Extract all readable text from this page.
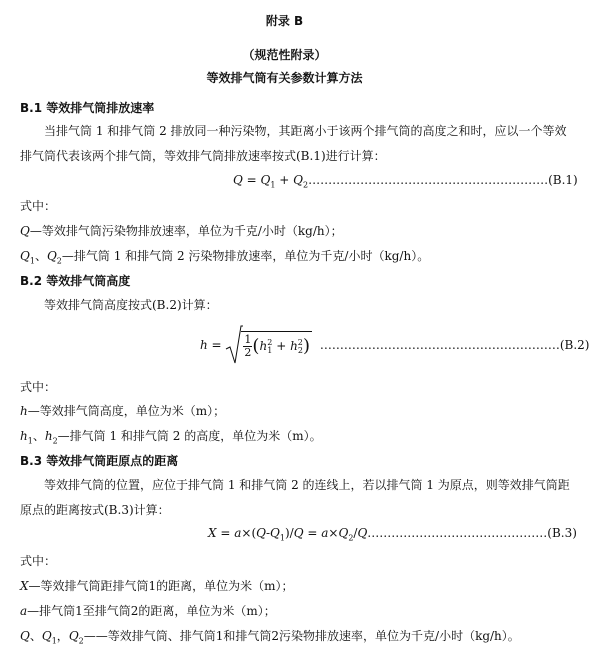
附录 B
（规范性附录）
等效排气筒有关参数计算方法
B.1 等效排气筒排放速率
当排气筒 1 和排气筒 2 排放同一种污染物，其距离小于该两个排气筒的高度之和时，应以一个等效
排气筒代表该两个排气筒，等效排气筒排放速率按式(B.1)进行计算：
$Q = Q_1$ + $Q_2\dots\dots\dots\dots\dots\dots\dots\dots\dots\dots\dots\dots\dots\dots\dots\dots\dots\dots\dots\dots(B.1)$
式中：
Q—等效排气筒污染物排放速率，单位为千克/小时（kg/h）；
$Q_1$、$Q_2—$排气筒 1 和排气筒 2 污染物排放速率，单位为千克/小时（kg/h）。
B.2 等效排气筒高度
等效排气筒高度按式(B.2)计算：
$h = \frac{1}{2} (h^2_1 + h^2_2)$ ……………………………………………………(B.2)
式中：
h—等效排气筒高度，单位为米（m）；
$h_1$、$h_2—$排气筒 1 和排气筒 2 的高度，单位为米（m）。
B.3 等效排气筒距原点的距离
等效排气筒的位置，应位于排气筒 1 和排气筒 2 的连线上，若以排气筒 1 为原点，则等效排气筒距
原点的距离按式(B.3)计算：
$X = a\times(Q-Q_1)/Q$ = $a\times Q_2/Q\dots\dots\dots\dots\dots\dots\dots\dots\dots\dots\dots\dots\dots\dots\dots(B.3)$
式中：
X—等效排气筒距排气筒1的距离，单位为米（m）；
a—排气筒1至排气筒2的距离，单位为米（m）；
Q、$Q_1$，$Q_2——$等效排气筒、排气筒1和排气筒2污染物排放速率，单位为千克/小时（kg/h）。
